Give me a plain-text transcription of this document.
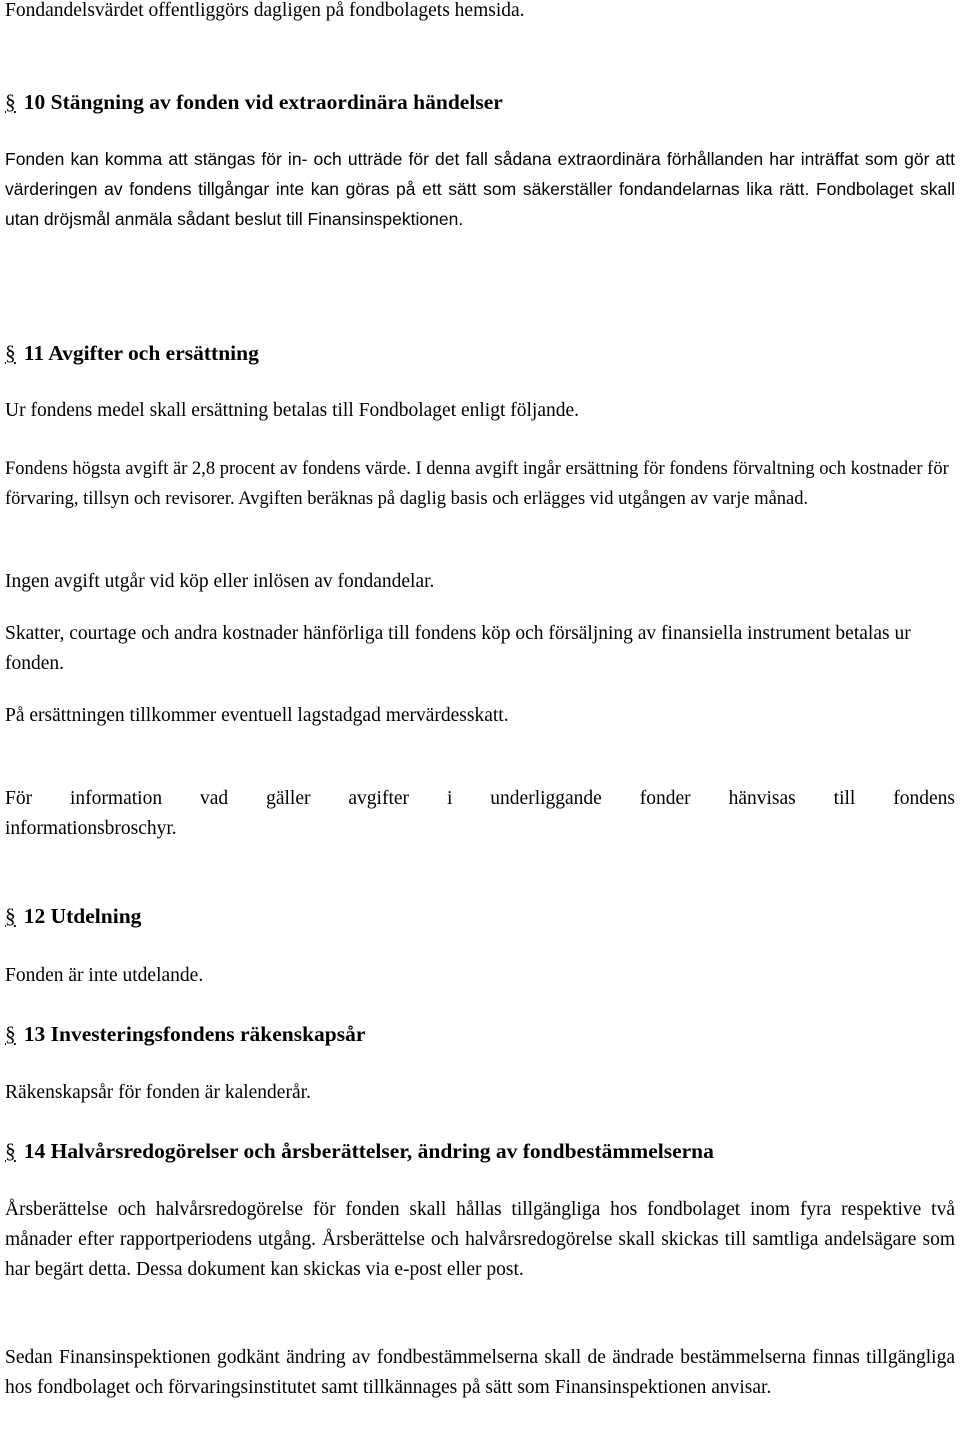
Fondandelsvärdet offentliggörs dagligen på fondbolagets hemsida.

§ 10 Stängning av fonden vid extraordinära händelser

Fonden kan komma att stängas för in- och utträde för det fall sådana extraordinära förhållanden har inträffat som gör att värderingen av fondens tillgångar inte kan göras på ett sätt som säkerställer fondandelarnas lika rätt. Fondbolaget skall utan dröjsmål anmäla sådant beslut till Finansinspektionen.

§ 11 Avgifter och ersättning

Ur fondens medel skall ersättning betalas till Fondbolaget enligt följande.

Fondens högsta avgift är 2,8 procent av fondens värde. I denna avgift ingår ersättning för fondens förvaltning och kostnader för förvaring, tillsyn och revisorer. Avgiften beräknas på daglig basis och erlägges vid utgången av varje månad.

Ingen avgift utgår vid köp eller inlösen av fondandelar.

Skatter, courtage och andra kostnader hänförliga till fondens köp och försäljning av finansiella instrument betalas ur fonden.

På ersättningen tillkommer eventuell lagstadgad mervärdesskatt.

För information vad gäller avgifter i underliggande fonder hänvisas till fondens
informationsbroschyr.
§ 12 Utdelning

Fonden är inte utdelande.

§ 13 Investeringsfondens räkenskapsår

Räkenskapsår för fonden är kalenderår.

§ 14 Halvårsredogörelser och årsberättelser, ändring av fondbestämmelserna

Årsberättelse och halvårsredogörelse för fonden skall hållas tillgängliga hos fondbolaget inom fyra respektive två månader efter rapportperiodens utgång. Årsberättelse och halvårsredogörelse skall skickas till samtliga andelsägare som har begärt detta. Dessa dokument kan skickas via e-post eller post.

Sedan Finansinspektionen godkänt ändring av fondbestämmelserna skall de ändrade bestämmelserna finnas tillgängliga hos fondbolaget och förvaringsinstitutet samt tillkännages på sätt som Finansinspektionen anvisar.
